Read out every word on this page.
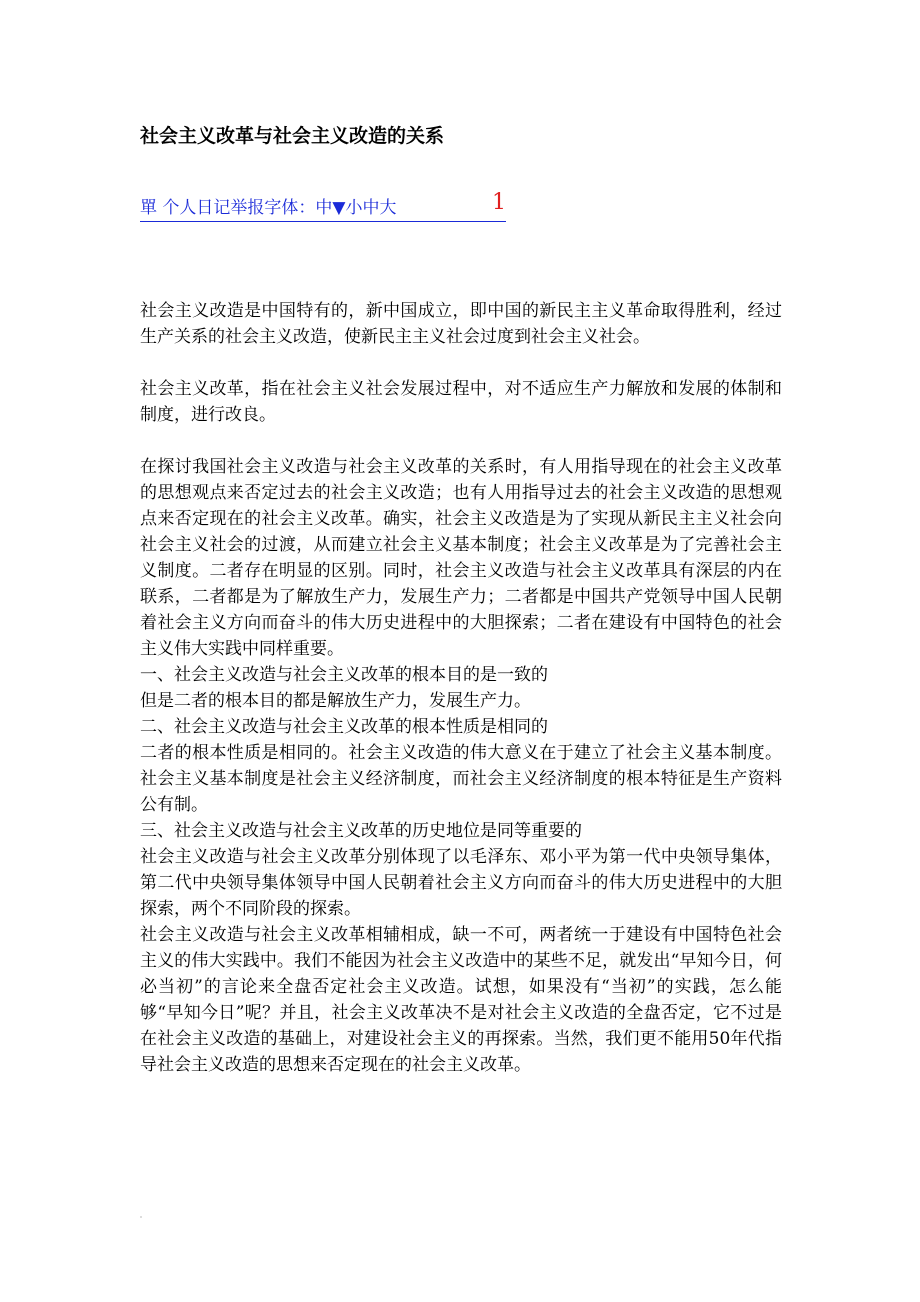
社会主义改革与社会主义改造的关系
單 个人日记举报字体：中▼小中大	1

社会主义改造是中国特有的，新中国成立，即中国的新民主主义革命取得胜利，经过生产关系的社会主义改造，使新民主主义社会过度到社会主义社会。

社会主义改革，指在社会主义社会发展过程中，对不适应生产力解放和发展的体制和制度，进行改良。

在探讨我国社会主义改造与社会主义改革的关系时，有人用指导现在的社会主义改革的思想观点来否定过去的社会主义改造；也有人用指导过去的社会主义改造的思想观点来否定现在的社会主义改革。确实，社会主义改造是为了实现从新民主主义社会向社会主义社会的过渡，从而建立社会主义基本制度；社会主义改革是为了完善社会主义制度。二者存在明显的区别。同时，社会主义改造与社会主义改革具有深层的内在联系，二者都是为了解放生产力，发展生产力；二者都是中国共产党领导中国人民朝着社会主义方向而奋斗的伟大历史进程中的大胆探索；二者在建设有中国特色的社会主义伟大实践中同样重要。

一、社会主义改造与社会主义改革的根本目的是一致的

但是二者的根本目的都是解放生产力，发展生产力。

二、社会主义改造与社会主义改革的根本性质是相同的

二者的根本性质是相同的。社会主义改造的伟大意义在于建立了社会主义基本制度。社会主义基本制度是社会主义经济制度，而社会主义经济制度的根本特征是生产资料公有制。

三、社会主义改造与社会主义改革的历史地位是同等重要的

社会主义改造与社会主义改革分别体现了以毛泽东、邓小平为第一代中央领导集体，第二代中央领导集体领导中国人民朝着社会主义方向而奋斗的伟大历史进程中的大胆探索，两个不同阶段的探索。

社会主义改造与社会主义改革相辅相成，缺一不可，两者统一于建设有中国特色社会主义的伟大实践中。我们不能因为社会主义改造中的某些不足，就发出“早知今日，何必当初”的言论来全盘否定社会主义改造。试想，如果没有“当初”的实践，怎么能够“早知今日”呢？并且，社会主义改革决不是对社会主义改造的全盘否定，它不过是在社会主义改造的基础上，对建设社会主义的再探索。当然，我们更不能用50年代指导社会主义改造的思想来否定现在的社会主义改革。
